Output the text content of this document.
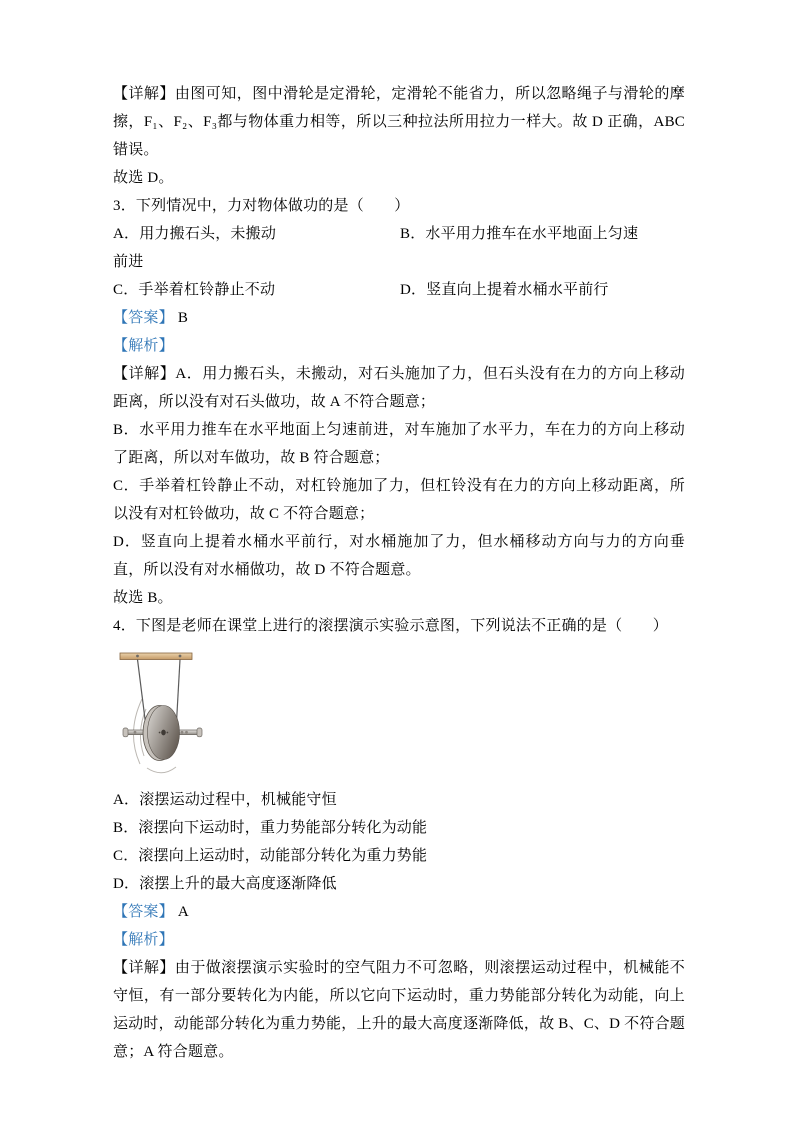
【详解】由图可知，图中滑轮是定滑轮，定滑轮不能省力，所以忽略绳子与滑轮的摩擦，F₁、F₂、F₃都与物体重力相等，所以三种拉法所用拉力一样大。故 D 正确，ABC 错误。

故选 D。

3．下列情况中，力对物体做功的是（　　）

A．用力搬石头，未搬动	B．水平用力推车在水平地面上匀速

前进

C．手举着杠铃静止不动	D．竖直向上提着水桶水平前行

【答案】 B

【解析】

【详解】A．用力搬石头，未搬动，对石头施加了力，但石头没有在力的方向上移动距离，所以没有对石头做功，故 A 不符合题意；

B．水平用力推车在水平地面上匀速前进，对车施加了水平力，车在力的方向上移动了距离，所以对车做功，故 B 符合题意；

C．手举着杠铃静止不动，对杠铃施加了力，但杠铃没有在力的方向上移动距离，所以没有对杠铃做功，故 C 不符合题意；

D．竖直向上提着水桶水平前行，对水桶施加了力，但水桶移动方向与力的方向垂直，所以没有对水桶做功，故 D 不符合题意。

故选 B。

4．下图是老师在课堂上进行的滚摆演示实验示意图，下列说法不正确的是（　　）

A．滚摆运动过程中，机械能守恒

B．滚摆向下运动时，重力势能部分转化为动能

C．滚摆向上运动时，动能部分转化为重力势能

D．滚摆上升的最大高度逐渐降低

【答案】 A

【解析】

【详解】由于做滚摆演示实验时的空气阻力不可忽略，则滚摆运动过程中，机械能不守恒，有一部分要转化为内能，所以它向下运动时，重力势能部分转化为动能，向上运动时，动能部分转化为重力势能，上升的最大高度逐渐降低，故 B、C、D 不符合题意；A 符合题意。
